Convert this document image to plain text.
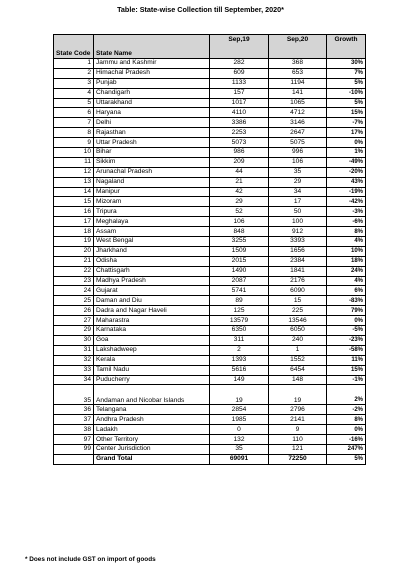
Table: State-wise Collection till September, 2020*
State Code	State Name	Sep,19	Sep,20	Growth
1	Jammu and Kashmir	282	368	30%
2	Himachal Pradesh	609	653	7%
3	Punjab	1133	1194	5%
4	Chandigarh	157	141	-10%
5	Uttarakhand	1017	1065	5%
6	Haryana	4110	4712	15%
7	Delhi	3386	3146	-7%
8	Rajasthan	2253	2647	17%
9	Uttar Pradesh	5073	5075	0%
10	Bihar	986	996	1%
11	Sikkim	209	106	-49%
12	Arunachal Pradesh	44	35	-20%
13	Nagaland	21	29	43%
14	Manipur	42	34	-19%
15	Mizoram	29	17	-42%
16	Tripura	52	50	-3%
17	Meghalaya	106	100	-6%
18	Assam	848	912	8%
19	West Bengal	3255	3393	4%
20	Jharkhand	1509	1656	10%
21	Odisha	2015	2384	18%
22	Chattisgarh	1490	1841	24%
23	Madhya Pradesh	2087	2176	4%
24	Gujarat	5741	6090	6%
25	Daman and Diu	89	15	-83%
26	Dadra and Nagar Haveli	125	225	79%
27	Maharastra	13579	13546	0%
29	Karnataka	6350	6050	-5%
30	Goa	311	240	-23%
31	Lakshadweep	2	1	-58%
32	Kerala	1393	1552	11%
33	Tamil Nadu	5616	6454	15%
34	Puducherry	149	148	-1%
35	Andaman and Nicobar Islands	19	19	2%
36	Telangana	2854	2796	-2%
37	Andhra Pradesh	1985	2141	8%
38	Ladakh	0	9	0%
97	Other Territory	132	110	-16%
99	Center Jurisdiction	35	121	247%
	Grand Total	69091	72250	5%
* Does not include GST on import of goods
